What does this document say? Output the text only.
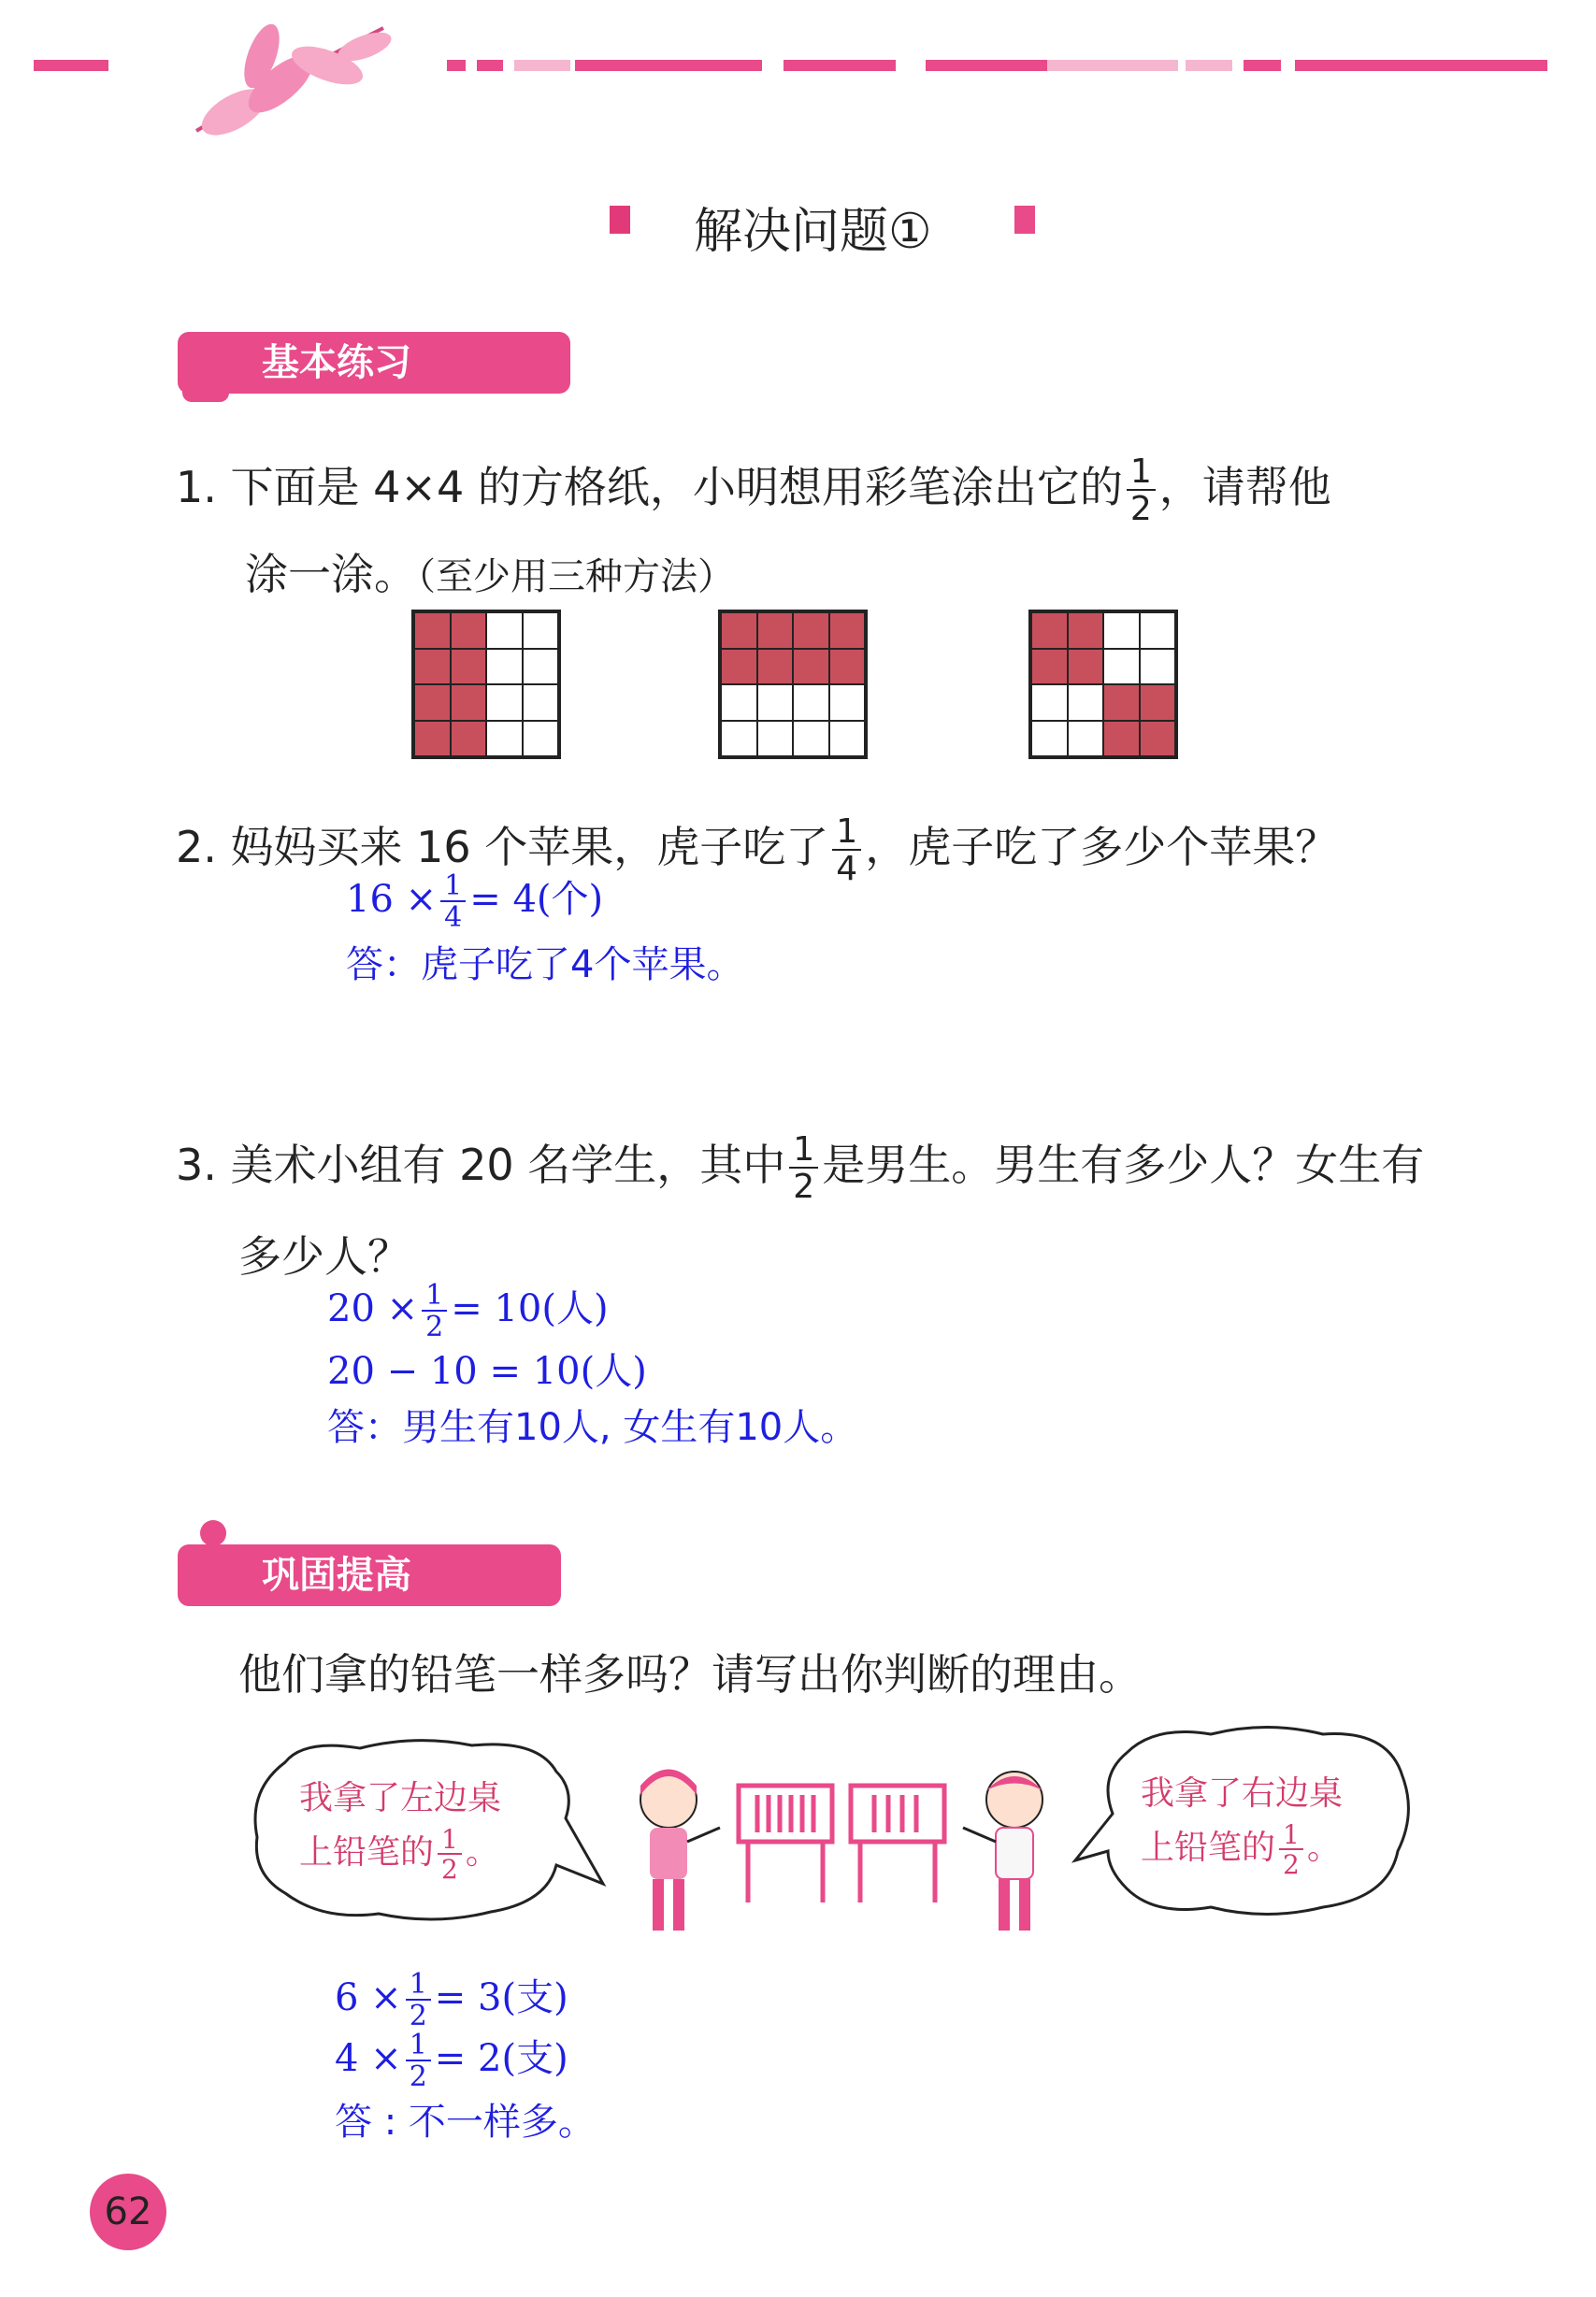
解决问题①
基本练习
1. 下面是 4×4 的方格纸，小明想用彩笔涂出它的 $\frac{1}{2}$ ，请帮他
涂一涂。（至少用三种方法）
2. 妈妈买来 16 个苹果，虎子吃了 $\frac{1}{4}$ ，虎子吃了多少个苹果？
$16 \times \frac{1}{4} = 4$(个)
答：虎子吃了4个苹果。
3. 美术小组有 20 名学生，其中 $\frac{1}{2}$ 是男生。男生有多少人？女生有
多少人？
$20 \times \frac{1}{2} = 10$(人)
20 − 10 = 10(人)
答：男生有10人, 女生有10人。
巩固提高
他们拿的铅笔一样多吗？请写出你判断的理由。
我拿了左边桌
上铅笔的 $\frac{1}{2}$ 。
我拿了右边桌
上铅笔的 $\frac{1}{2}$ 。
$6 \times \frac{1}{2} = 3$(支)
$4 \times \frac{1}{2} = 2$(支)
答 : 不一样多。
62
